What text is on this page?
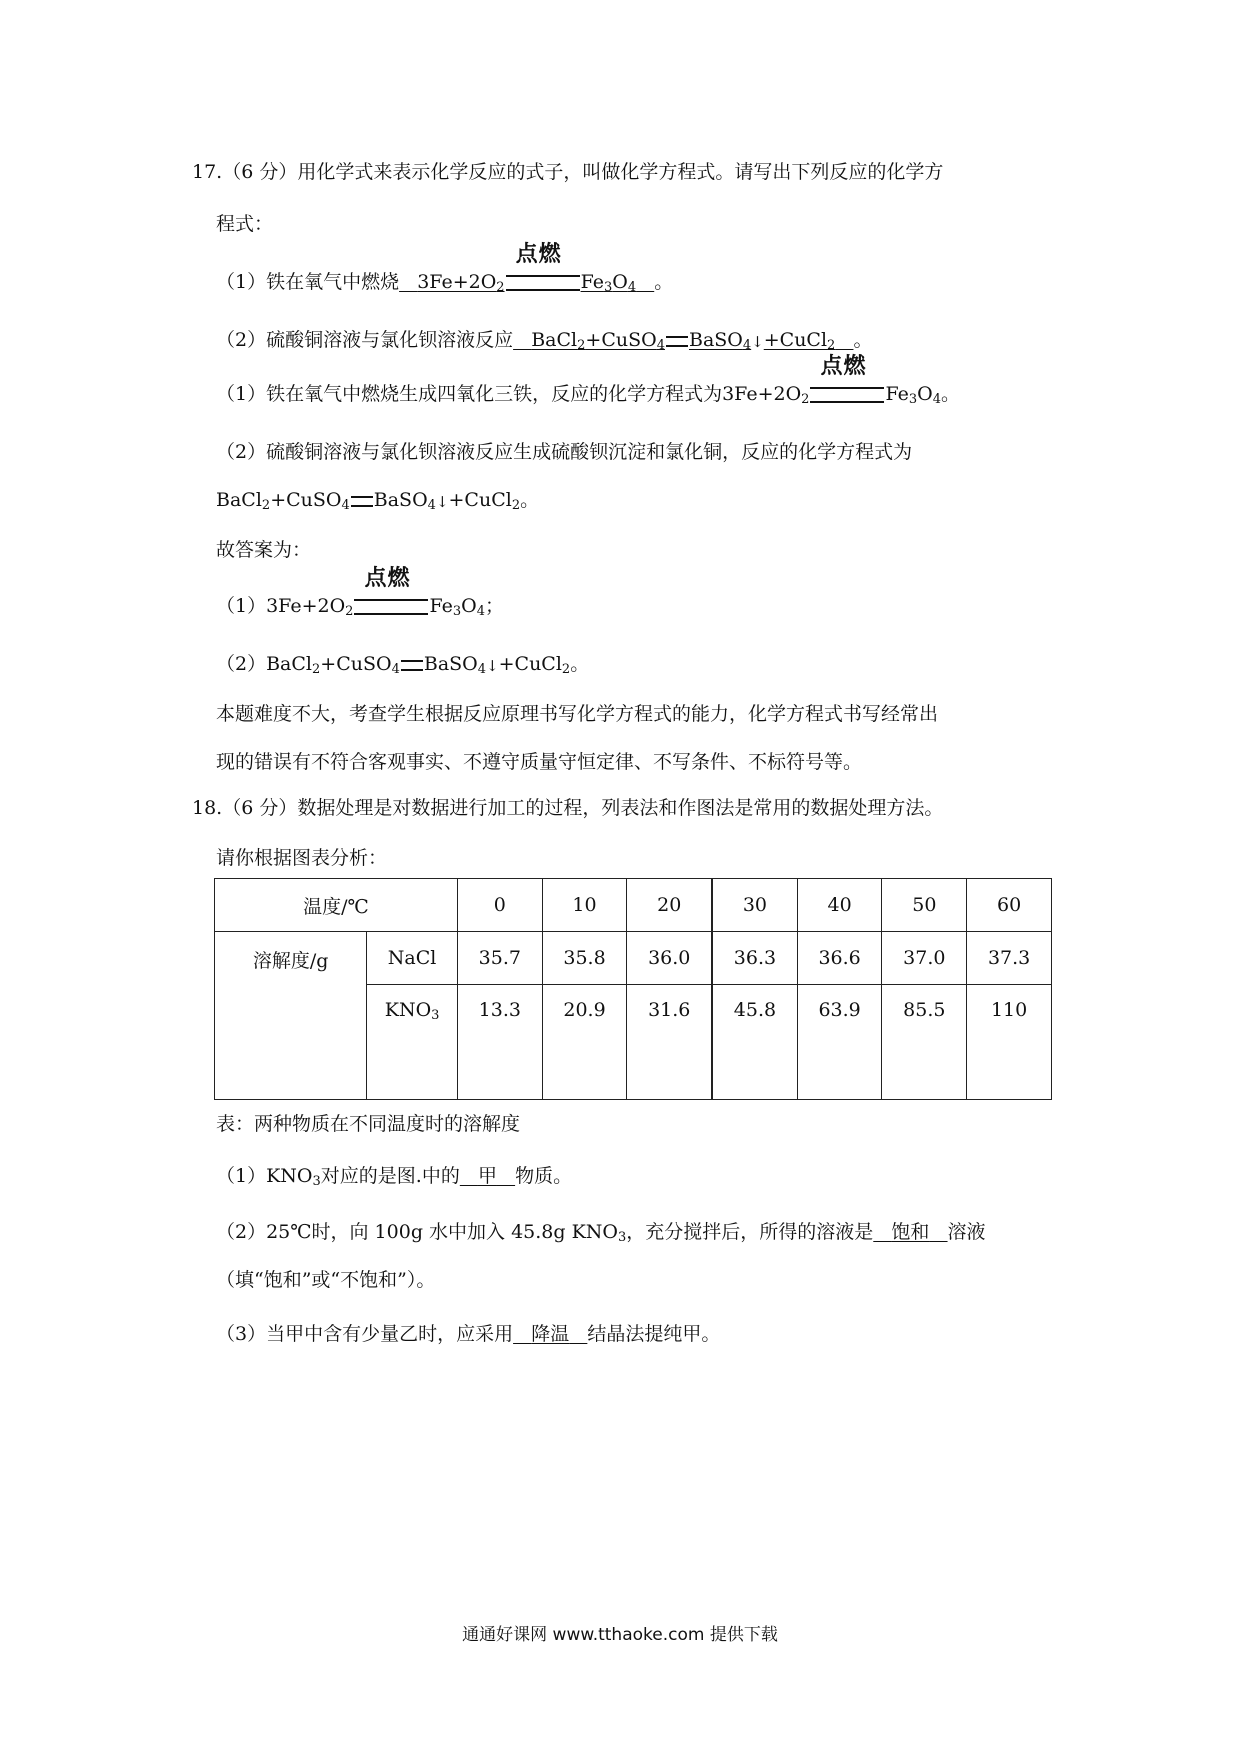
17.（6 分）用化学式来表示化学反应的式子，叫做化学方程式。请写出下列反应的化学方
程式：
（1）铁在氧气中燃烧 $3Fe+2O_2$
点燃
$Fe_3O_4$ 。
（2）硫酸铜溶液与氯化钡溶液反应 BaCl$_2$+CuSO$_4$ BaSO$_4$↓+CuCl$_2$ 。
（1）铁在氧气中燃烧生成四氧化三铁，反应的化学方程式为$3Fe+2O_2$
点燃
$Fe_3O_4$。
（2）硫酸铜溶液与氯化钡溶液反应生成硫酸钡沉淀和氯化铜，反应的化学方程式为
BaCl$_2$+CuSO$_4$ BaSO$_4$↓+CuCl$_2$。
故答案为：
$(1)3Fe+2O_2$
点燃
$Fe_3O_4$；
（2）BaCl$_2$+CuSO$_4$ BaSO$_4$↓+CuCl$_2$。
本题难度不大，考查学生根据反应原理书写化学方程式的能力，化学方程式书写经常出
现的错误有不符合客观事实、不遵守质量守恒定律、不写条件、不标符号等。
18.（6 分）数据处理是对数据进行加工的过程，列表法和作图法是常用的数据处理方法。
请你根据图表分析：
温度/℃		0	10	20	30	40	50	60
溶解度/g	NaCl	35.7	35.8	36.0	36.3	36.6	37.0	37.3
	$KNO_3$	13.3	20.9	31.6	45.8	63.9	85.5	110
表：两种物质在不同温度时的溶解度
$(1)KNO_3$对应的是图.中的 甲 物质。
（2）25℃时，向 100g 水中加入 45.8g $KNO_3$，充分搅拌后，所得的溶液是 饱和 溶液
（填“饱和”或“不饱和”）。
（3）当甲中含有少量乙时，应采用 降温 结晶法提纯甲。
通通好课网 www.tthaoke.com 提供下载
